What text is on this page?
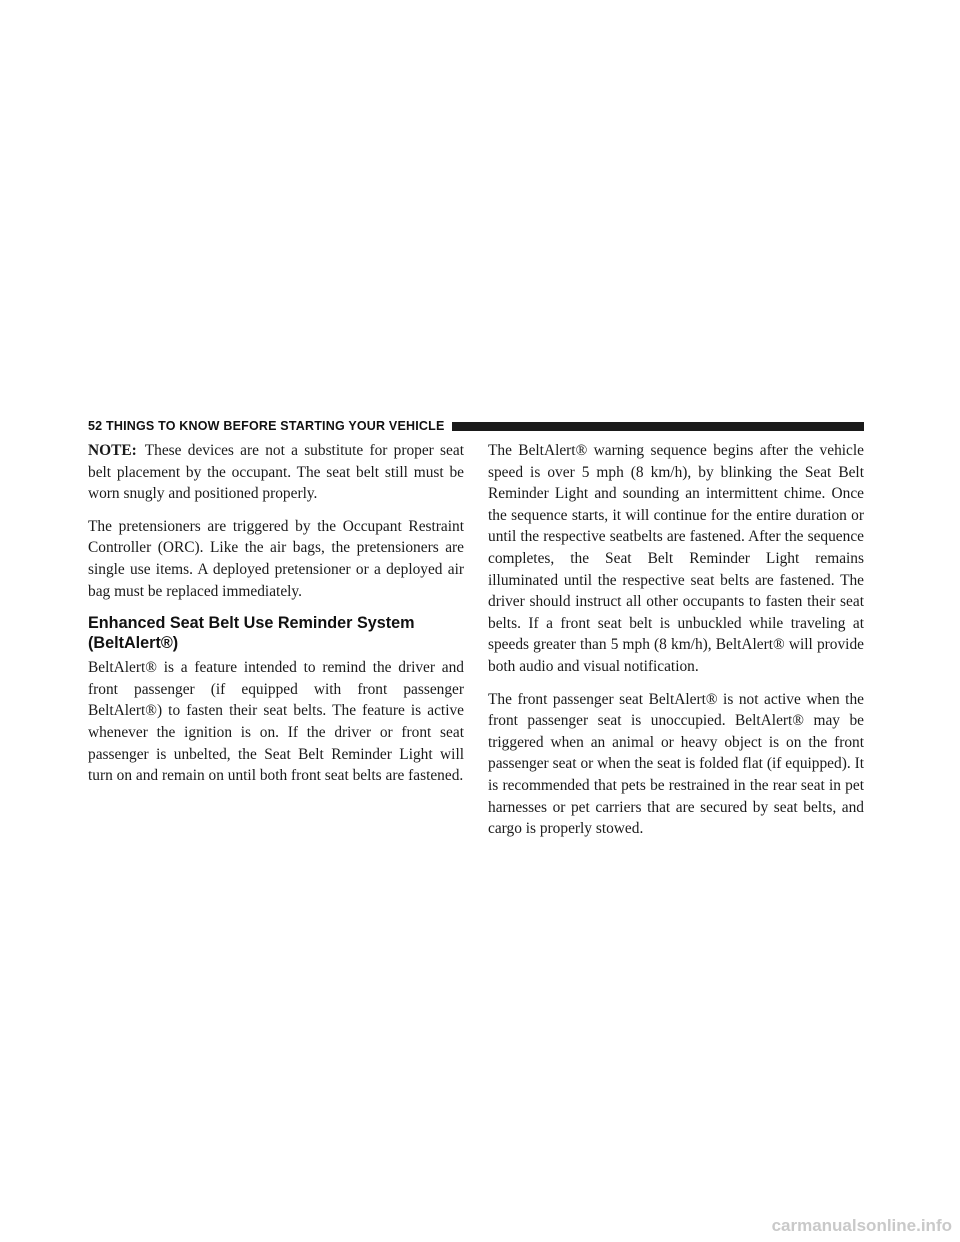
52 THINGS TO KNOW BEFORE STARTING YOUR VEHICLE

NOTE: These devices are not a substitute for proper seat belt placement by the occupant. The seat belt still must be worn snugly and positioned properly.

The pretensioners are triggered by the Occupant Restraint Controller (ORC). Like the air bags, the pretensioners are single use items. A deployed pretensioner or a deployed air bag must be replaced immediately.

Enhanced Seat Belt Use Reminder System
(BeltAlert®)

BeltAlert® is a feature intended to remind the driver and front passenger (if equipped with front passenger BeltAlert®) to fasten their seat belts. The feature is active whenever the ignition is on. If the driver or front seat passenger is unbelted, the Seat Belt Reminder Light will turn on and remain on until both front seat belts are fastened.

The BeltAlert® warning sequence begins after the vehicle speed is over 5 mph (8 km/h), by blinking the Seat Belt Reminder Light and sounding an intermittent chime. Once the sequence starts, it will continue for the entire duration or until the respective seatbelts are fastened. After the sequence completes, the Seat Belt Reminder Light remains illuminated until the respective seat belts are fastened. The driver should instruct all other occupants to fasten their seat belts. If a front seat belt is unbuckled while traveling at speeds greater than 5 mph (8 km/h), BeltAlert® will provide both audio and visual notification.

The front passenger seat BeltAlert® is not active when the front passenger seat is unoccupied. BeltAlert® may be triggered when an animal or heavy object is on the front passenger seat or when the seat is folded flat (if equipped). It is recommended that pets be restrained in the rear seat in pet harnesses or pet carriers that are secured by seat belts, and cargo is properly stowed.

carmanualsonline.info
